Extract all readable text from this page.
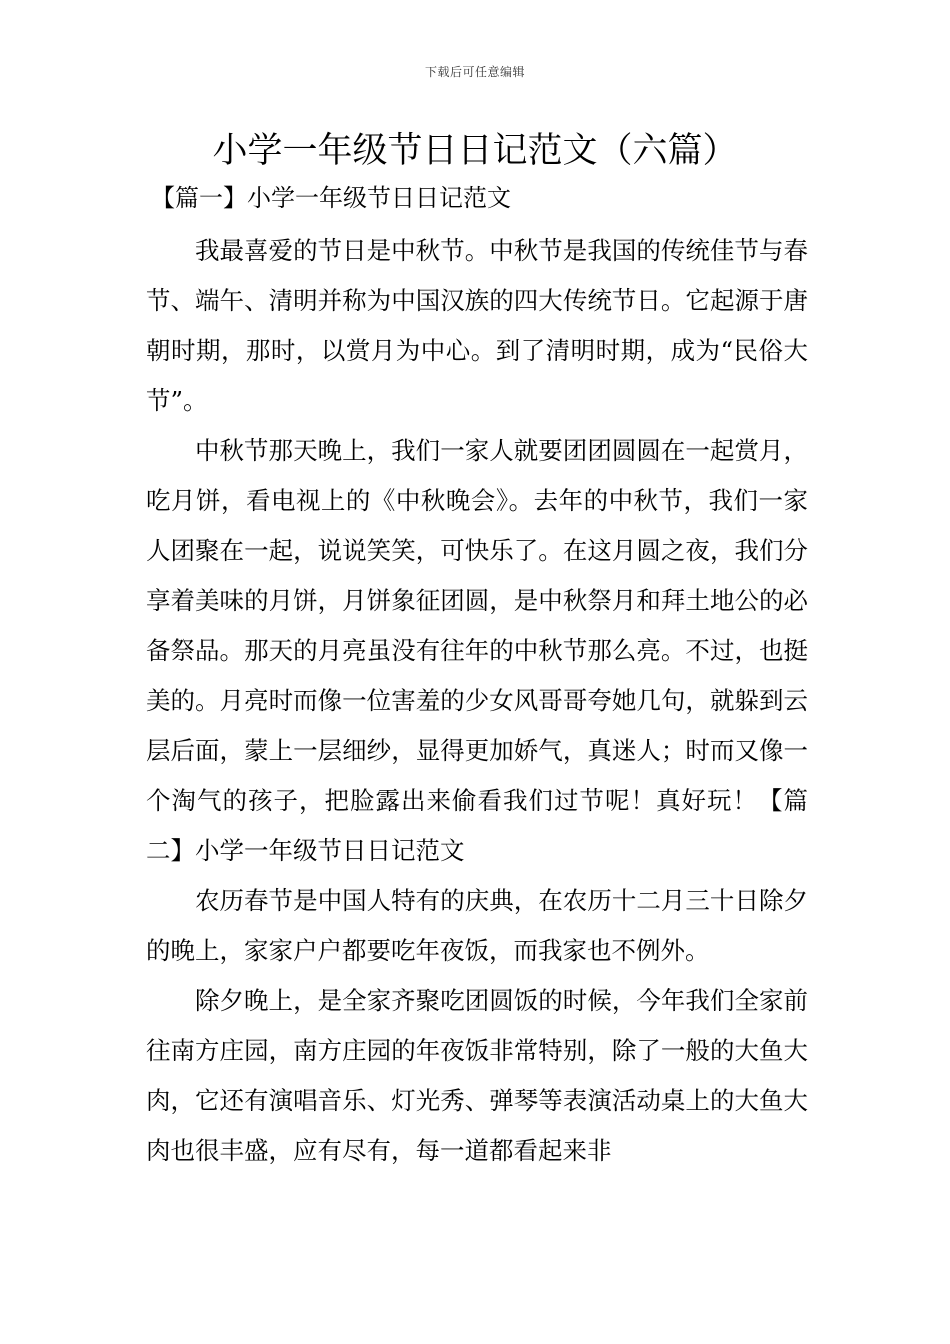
下载后可任意编辑
小学一年级节日日记范文（六篇）
【篇一】小学一年级节日日记范文

我最喜爱的节日是中秋节。中秋节是我国的传统佳节与春节、端午、清明并称为中国汉族的四大传统节日。它起源于唐朝时期，那时，以赏月为中心。到了清明时期，成为“民俗大节”。

中秋节那天晚上，我们一家人就要团团圆圆在一起赏月，吃月饼，看电视上的《中秋晚会》。去年的中秋节，我们一家人团聚在一起，说说笑笑，可快乐了。在这月圆之夜，我们分享着美味的月饼，月饼象征团圆，是中秋祭月和拜土地公的必备祭品。那天的月亮虽没有往年的中秋节那么亮。不过，也挺美的。月亮时而像一位害羞的少女风哥哥夸她几句，就躲到云层后面，蒙上一层细纱，显得更加娇气，真迷人；时而又像一个淘气的孩子，把脸露出来偷看我们过节呢！真好玩！【篇二】小学一年级节日日记范文

农历春节是中国人特有的庆典，在农历十二月三十日除夕的晚上，家家户户都要吃年夜饭，而我家也不例外。

除夕晚上，是全家齐聚吃团圆饭的时候，今年我们全家前往南方庄园，南方庄园的年夜饭非常特别，除了一般的大鱼大肉，它还有演唱音乐、灯光秀、弹琴等表演活动桌上的大鱼大肉也很丰盛，应有尽有，每一道都看起来非
